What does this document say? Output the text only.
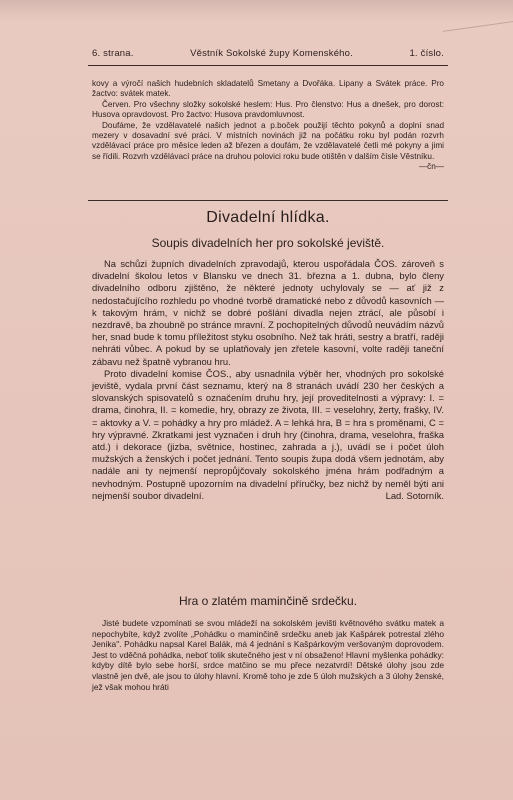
6. strana.	Věstník Sokolské župy Komenského.	1. číslo.

kovy a výročí našich hudebních skladatelů Smetany a Dvořáka. Lipany a Svátek práce. Pro žactvo: svátek matek.

Červen. Pro všechny složky sokolské heslem: Hus. Pro členstvo: Hus a dnešek, pro dorost: Husova opravdovost. Pro žactvo: Husova pravdomluvnost.

Doufáme, že vzdělavatelé našich jednot a p.boček použijí těchto pokynů a doplní snad mezery v dosavadní své práci. V místních novinách již na počátku roku byl podán rozvrh vzdělávací práce pro měsíce leden až březen a doufám, že vzdělavatelé četli mé pokyny a jimi se řídili. Rozvrh vzdělávací práce na druhou polovici roku bude otištěn v dalším čísle Věstníku.

—čn—

Divadelní hlídka.
Soupis divadelních her pro sokolské jeviště.

Na schůzi župních divadelních zpravodajů, kterou uspořádala ČOS. zároveň s divadelní školou letos v Blansku ve dnech 31. března a 1. dubna, bylo členy divadelního odboru zjištěno, že některé jednoty uchylovaly se — ať již z nedostačujícího rozhledu po vhodné tvorbě dramatické nebo z důvodů kasovních — k takovým hrám, v nichž se dobré pošlání divadla nejen ztrácí, ale působí i nezdravě, ba zhoubně po stránce mravní. Z pochopitelných důvodů neuvádím názvů her, snad bude k tomu příležitost styku osobního. Než tak hráti, sestry a bratří, raději nehráti vůbec. A pokud by se uplatňovaly jen zřetele kasovní, volte raději taneční zábavu než špatně vybranou hru.

Proto divadelní komise ČOS., aby usnadnila výběr her, vhodných pro sokolské jeviště, vydala první část seznamu, který na 8 stranách uvádí 230 her českých a slovanských spisovatelů s označením druhu hry, její proveditelnosti a výpravy: I. = drama, činohra, II. = komedie, hry, obrazy ze života, III. = veselohry, žerty, frašky, IV. = aktovky a V. = pohádky a hry pro mládež. A = lehká hra, B = hra s proměnami, C = hry výpravné. Zkratkami jest vyznačen i druh hry (činohra, drama, veselohra, fraška atd.) i dekorace (jizba, světnice, hostinec, zahrada a j.), uvádí se i počet úloh mužských a ženských i počet jednání. Tento soupis župa dodá všem jednotám, aby nadále ani ty nejmenší nepropůjčovaly sokolského jména hrám podřadným a nevhodným. Postupně upozorním na divadelní příručky, bez nichž by neměl býti ani nejmenší soubor divadelní.	Lad. Sotorník.

Hra o zlatém maminčině srdečku.

Jisté budete vzpomínati se svou mládeží na sokolském jevišti květnového svátku matek a nepochybíte, když zvolíte „Pohádku o maminčině srdečku aneb jak Kašpárek potrestal zlého Jenika". Pohádku napsal Karel Balák, má 4 jednání s Kašpárkovým veršovaným doprovodem. Jest to vděčná pohádka, neboť tolik skutečného jest v ní obsaženo! Hlavní myšlenka pohádky: kdyby dítě bylo sebe horší, srdce matčino se mu přece nezatvrdí! Dětské úlohy jsou zde vlastně jen dvě, ale jsou to úlohy hlavní. Kromě toho je zde 5 úloh mužských a 3 úlohy ženské, jež však mohou hráti
